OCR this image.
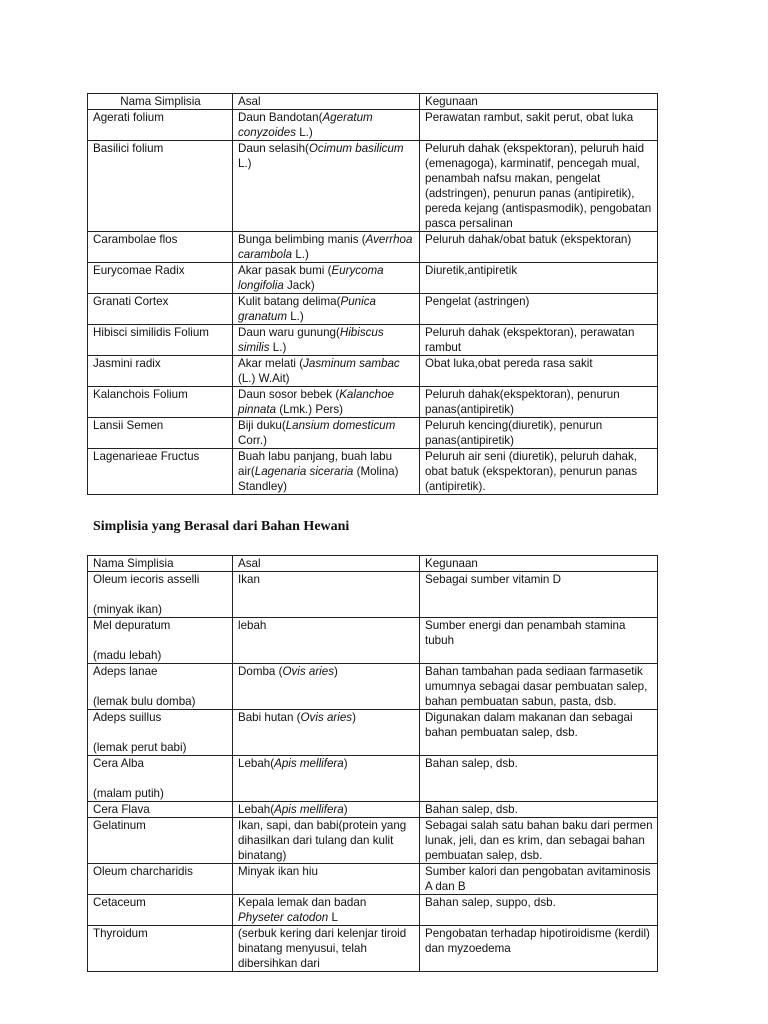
Nama Simplisia	Asal	Kegunaan

Agerati folium	Daun Bandotan(Ageratum conyzoides L.)	Perawatan rambut, sakit perut, obat luka

Basilici folium	Daun selasih(Ocimum basilicum L.)	Peluruh dahak (ekspektoran), peluruh haid (emenagoga), karminatif, pencegah mual, penambah nafsu makan, pengelat (adstringen), penurun panas (antipiretik), pereda kejang (antispasmodik), pengobatan pasca persalinan

Carambolae flos	Bunga belimbing manis (Averrhoa carambola L.)	Peluruh dahak/obat batuk (ekspektoran)

Eurycomae Radix	Akar pasak bumi (Eurycoma longifolia Jack)	Diuretik,antipiretik

Granati Cortex	Kulit batang delima(Punica granatum L.)	Pengelat (astringen)

Hibisci similidis Folium	Daun waru gunung(Hibiscus similis L.)	Peluruh dahak (ekspektoran), perawatan rambut

Jasmini radix	Akar melati (Jasminum sambac (L.) W.Ait)	Obat luka,obat pereda rasa sakit

Kalanchois Folium	Daun sosor bebek (Kalanchoe pinnata (Lmk.) Pers)	Peluruh dahak(ekspektoran), penurun panas(antipiretik)

Lansii Semen	Biji duku(Lansium domesticum Corr.)	Peluruh kencing(diuretik), penurun panas(antipiretik)

Lagenarieae Fructus	Buah labu panjang, buah labu air(Lagenaria siceraria (Molina) Standley)	Peluruh air seni (diuretik), peluruh dahak, obat batuk (ekspektoran), penurun panas (antipiretik).
Simplisia yang Berasal dari Bahan Hewani
Nama Simplisia	Asal	Kegunaan

Oleum iecoris asselli
(minyak ikan)	Ikan	Sebagai sumber vitamin D

Mel depuratum
(madu lebah)	lebah	Sumber energi dan penambah stamina tubuh

Adeps lanae
(lemak bulu domba)	Domba (Ovis aries)	Bahan tambahan pada sediaan farmasetik umumnya sebagai dasar pembuatan salep, bahan pembuatan sabun, pasta, dsb.

Adeps suillus
(lemak perut babi)	Babi hutan (Ovis aries)	Digunakan dalam makanan dan sebagai bahan pembuatan salep, dsb.

Cera Alba
(malam putih)	Lebah(Apis mellifera)	Bahan salep, dsb.

Cera Flava	Lebah(Apis mellifera)	Bahan salep, dsb.

Gelatinum	Ikan, sapi, dan babi(protein yang dihasilkan dari tulang dan kulit binatang)	Sebagai salah satu bahan baku dari permen lunak, jeli, dan es krim, dan sebagai bahan pembuatan salep, dsb.

Oleum charcharidis	Minyak ikan hiu	Sumber kalori dan pengobatan avitaminosis A dan B

Cetaceum	Kepala lemak dan badan Physeter catodon L	Bahan salep, suppo, dsb.

Thyroidum	(serbuk kering dari kelenjar tiroid binatang menyusui, telah dibersihkan dari	Pengobatan terhadap hipotiroidisme (kerdil) dan myzoedema
